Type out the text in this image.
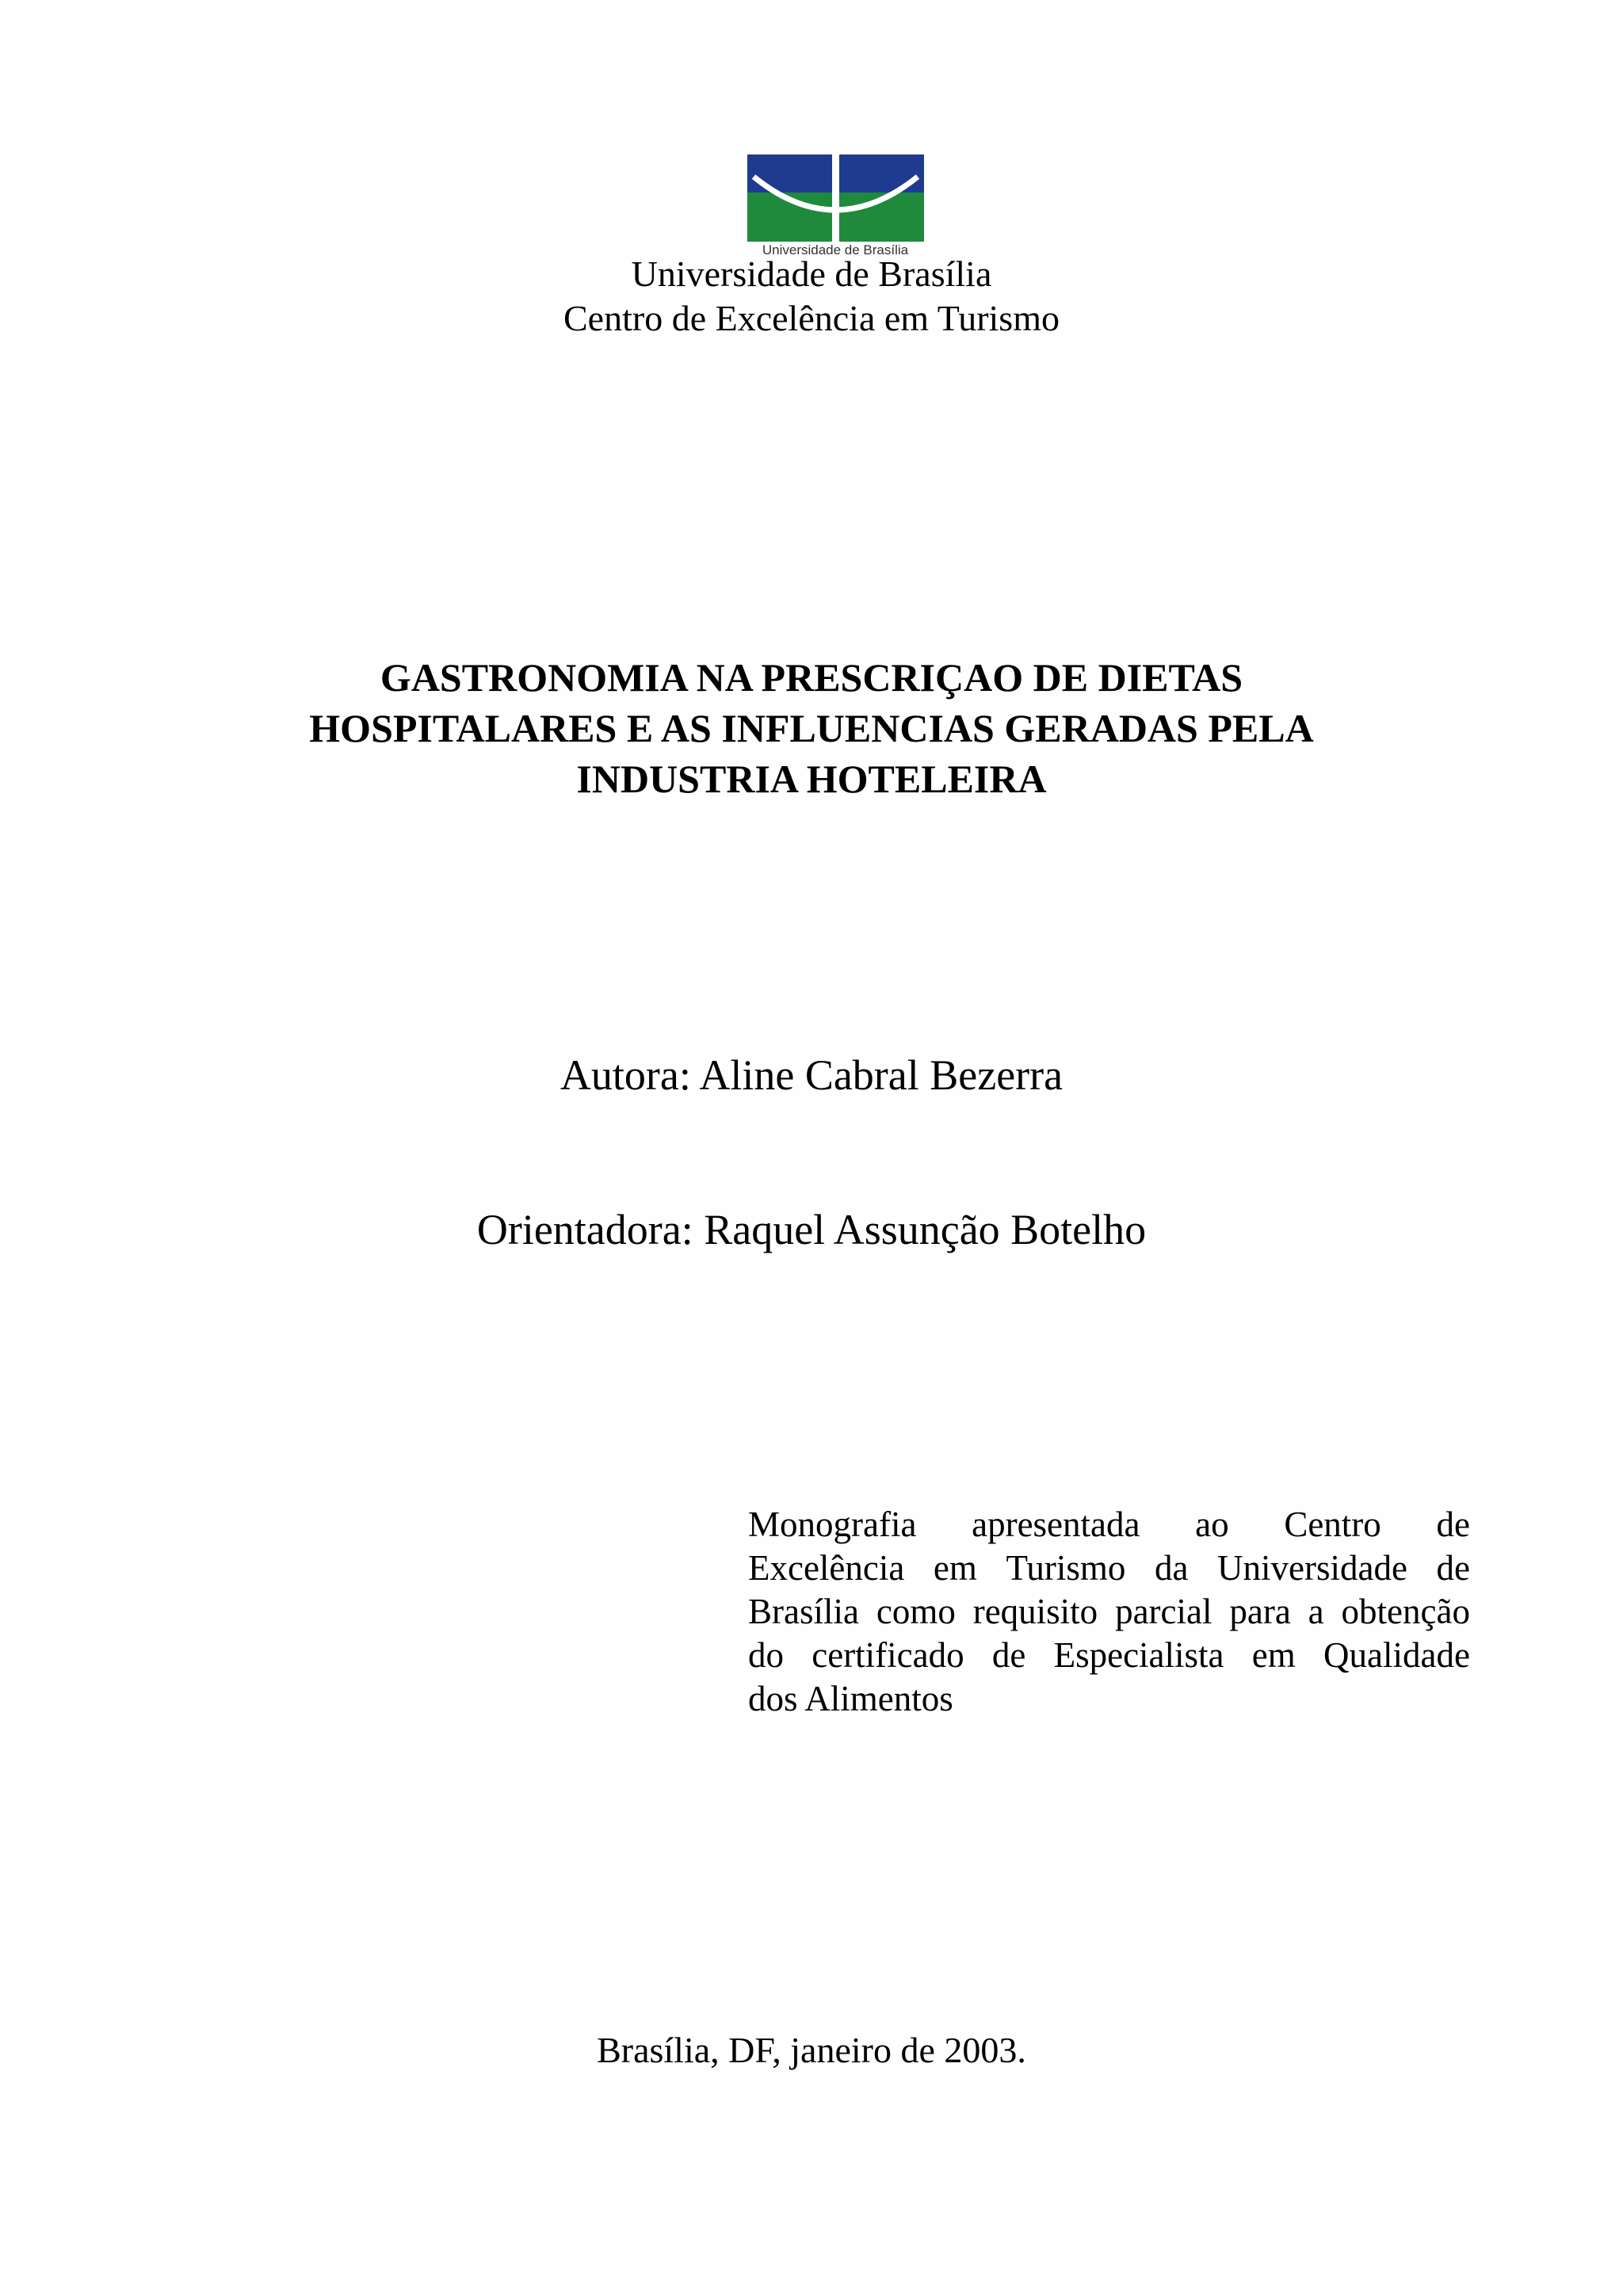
Universidade de Brasília
Universidade de Brasília
Centro de Excelência em Turismo
GASTRONOMIA NA PRESCRIÇAO DE DIETAS
HOSPITALARES E AS INFLUENCIAS GERADAS PELA
INDUSTRIA HOTELEIRA
Autora: Aline Cabral Bezerra
Orientadora: Raquel Assunção Botelho
Monografia apresentada ao Centro de
Excelência em Turismo da Universidade de
Brasília como requisito parcial para a obtenção
do certificado de Especialista em Qualidade
dos Alimentos
Brasília, DF, janeiro de 2003.
